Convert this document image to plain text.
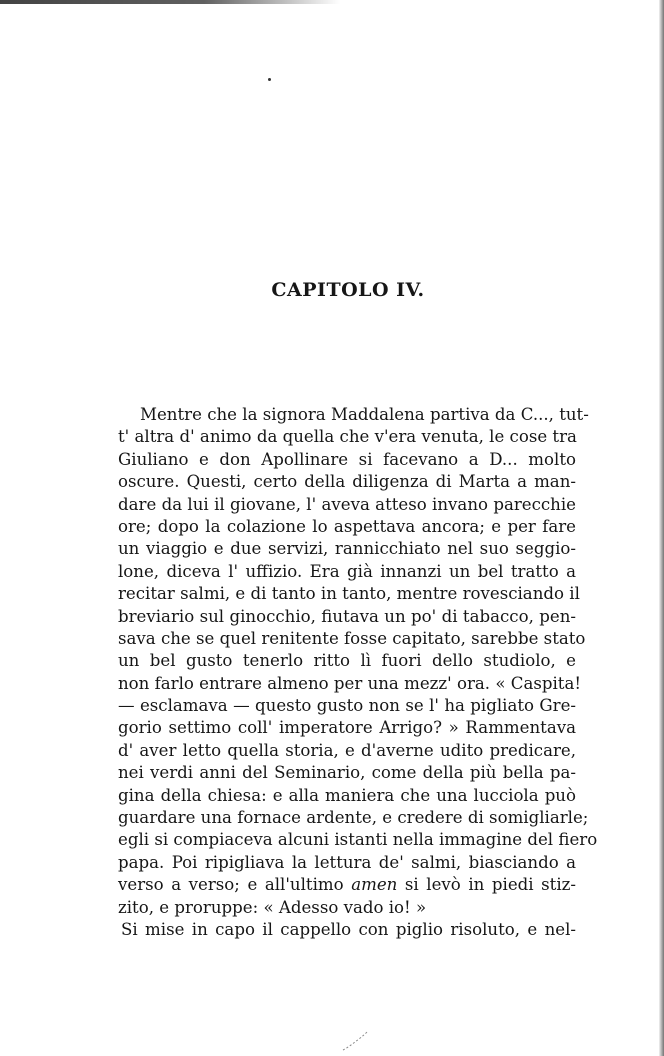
CAPITOLO IV.
Mentre che la signora Maddalena partiva da C..., tut-
t' altra d' animo da quella che v'era venuta, le cose tra
Giuliano e don Apollinare si facevano a D... molto
oscure. Questi, certo della diligenza di Marta a man-
dare da lui il giovane, l' aveva atteso invano parecchie
ore; dopo la colazione lo aspettava ancora; e per fare
un viaggio e due servizi, rannicchiato nel suo seggio-
lone, diceva l' uffizio. Era già innanzi un bel tratto a
recitar salmi, e di tanto in tanto, mentre rovesciando il
breviario sul ginocchio, fiutava un po' di tabacco, pen-
sava che se quel renitente fosse capitato, sarebbe stato
un bel gusto tenerlo ritto lì fuori dello studiolo, e
non farlo entrare almeno per una mezz' ora. « Caspita!
— esclamava — questo gusto non se l' ha pigliato Gre-
gorio settimo coll' imperatore Arrigo? » Rammentava
d' aver letto quella storia, e d'averne udito predicare,
nei verdi anni del Seminario, come della più bella pa-
gina della chiesa: e alla maniera che una lucciola può
guardare una fornace ardente, e credere di somigliarle;
egli si compiaceva alcuni istanti nella immagine del fiero
papa. Poi ripigliava la lettura de' salmi, biasciando a
verso a verso; e all'ultimo amen si levò in piedi stiz-
zito, e proruppe: « Adesso vado io! »
Si mise in capo il cappello con piglio risoluto, e nel-
